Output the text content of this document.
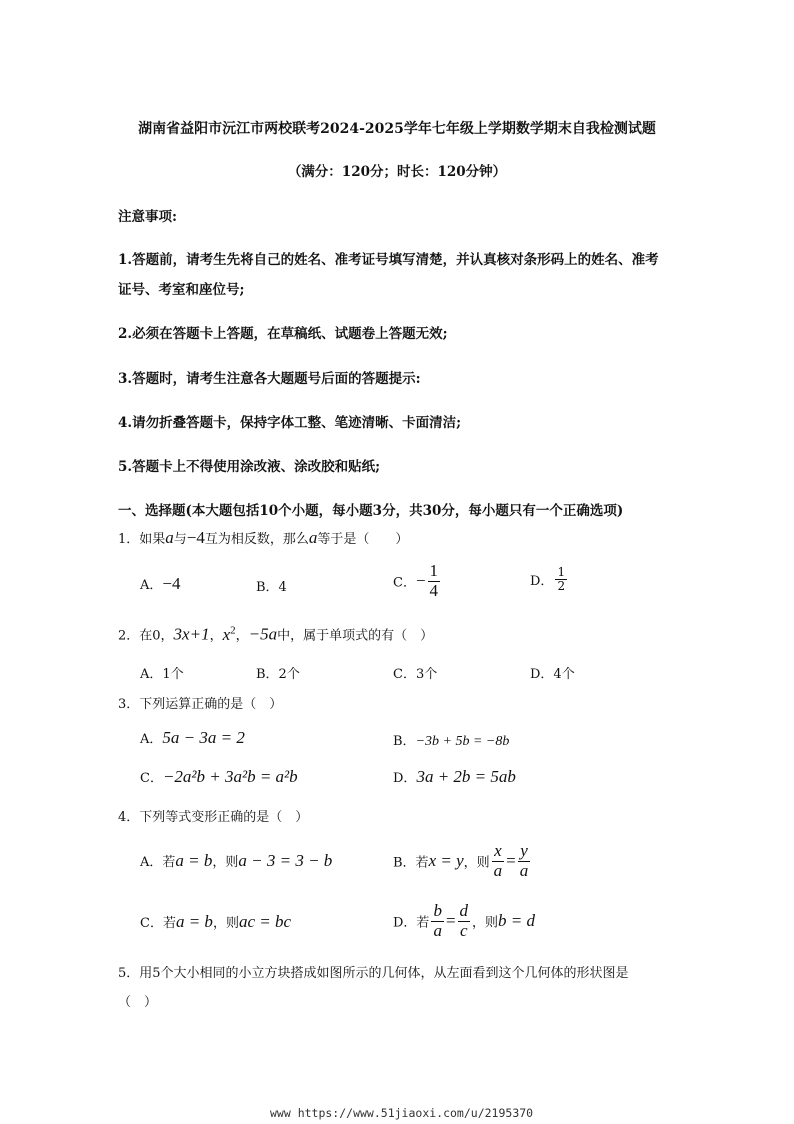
湖南省益阳市沅江市两校联考2024-2025学年七年级上学期数学期末自我检测试题
（满分：120分；时长：120分钟）
注意事项:
1.答题前，请考生先将自己的姓名、准考证号填写清楚，并认真核对条形码上的姓名、准考
证号、考室和座位号;
2.必须在答题卡上答题，在草稿纸、试题卷上答题无效;
3.答题时，请考生注意各大题题号后面的答题提示:
4.请勿折叠答题卡，保持字体工整、笔迹清晰、卡面清洁;
5.答题卡上不得使用涂改液、涂改胶和贴纸;
一、选择题(本大题包括10个小题，每小题3分，共30分，每小题只有一个正确选项)
1．如果a与−4互为相反数，那么a等于是（　　）
A．−4	B．4	C．− $\frac{1}{4}$	D． $\frac{1}{2}$
2．在0，3x+1，$x^2$，−5a中，属于单项式的有（　）
A．1个	B．2个	C．3个	D．4个
3．下列运算正确的是（　）
A．5a − 3a = 2	B．−3b + 5b = −8b
C．−2a²b + 3a²b = a²b	D．3a + 2b = 5ab
4．下列等式变形正确的是（　）
A．若a = b，则a − 3 = 3 − b	B．若x = y，则 $\frac{x}{a} = \frac{y}{a}$
C．若a = b，则ac = bc	D．若 $\frac{b}{a} = \frac{d}{c}$ ，则b = d
5．用5个大小相同的小立方块搭成如图所示的几何体，从左面看到这个几何体的形状图是
（　）
www https://www.51jiaoxi.com/u/2195370
